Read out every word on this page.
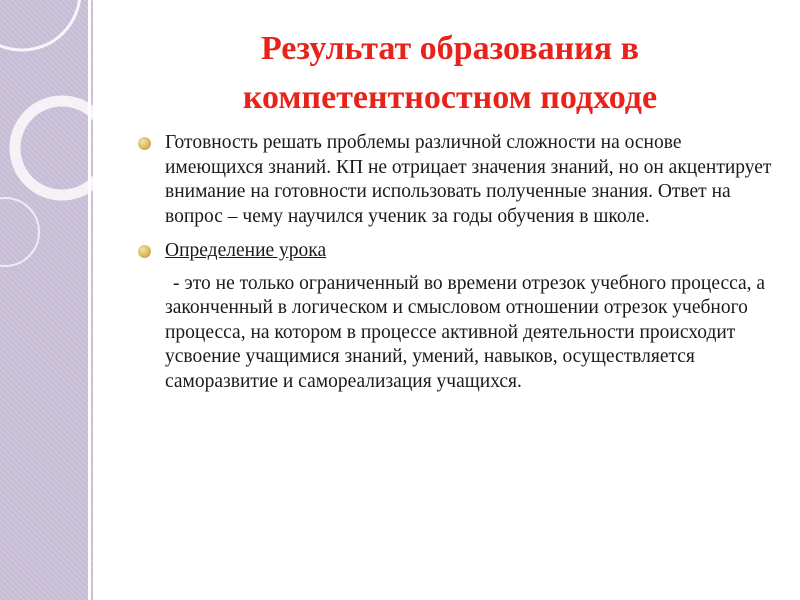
Результат образования в
компетентностном подходе
Готовность решать проблемы различной сложности на основе имеющихся знаний. КП не отрицает значения знаний, но он акцентирует внимание на готовности использовать полученные знания. Ответ на вопрос – чему научился ученик за годы обучения в школе.
Определение урока
- это не только ограниченный во времени отрезок учебного процесса, а законченный в логическом и смысловом отношении отрезок учебного процесса, на котором в процессе активной деятельности происходит усвоение учащимися знаний, умений, навыков, осуществляется саморазвитие и самореализация учащихся.
